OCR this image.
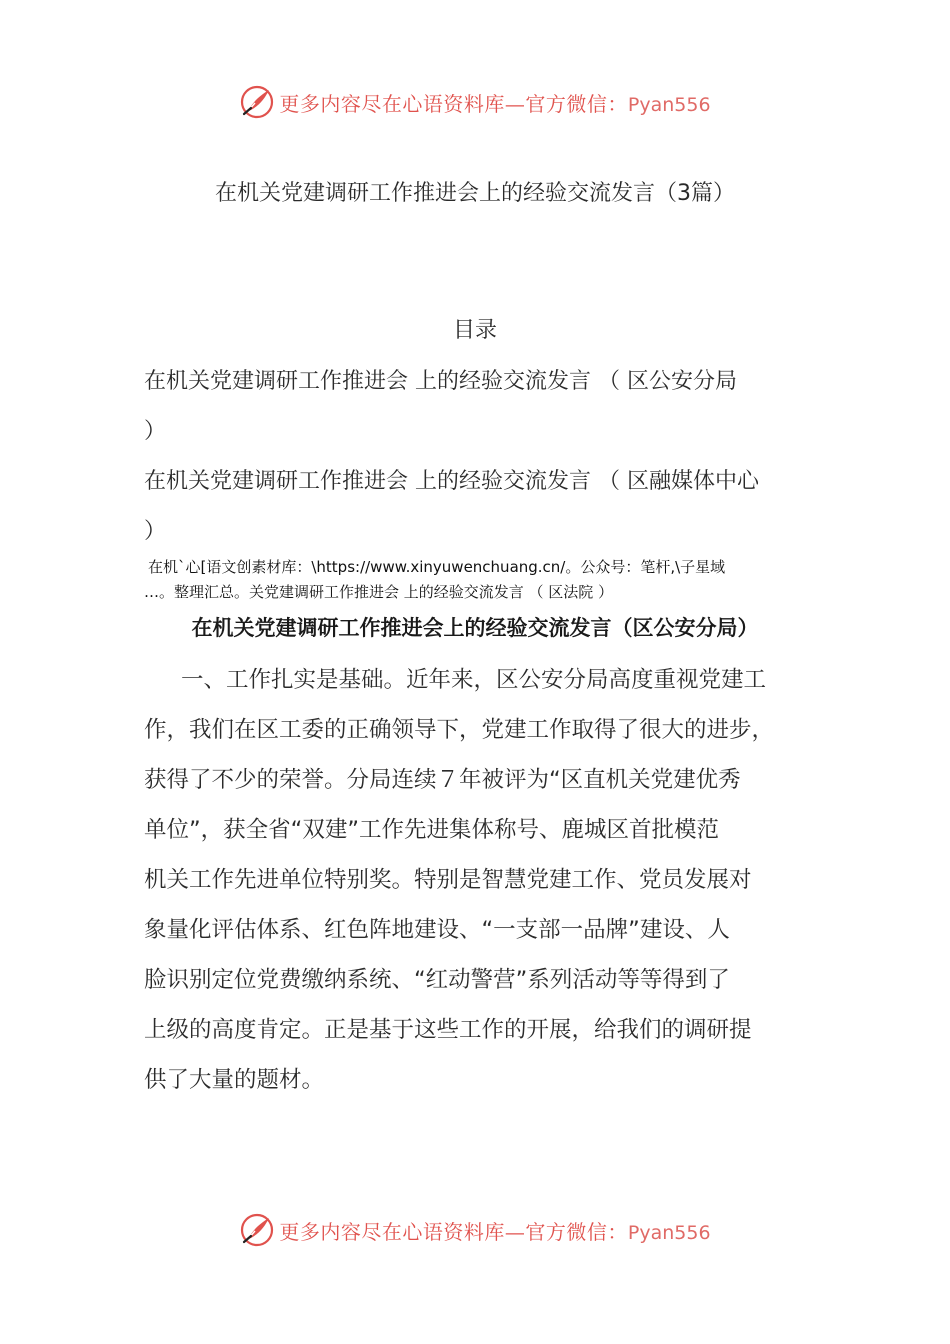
更多内容尽在心语资料库—官方微信：Pyan556
在机关党建调研工作推进会上的经验交流发言（3篇）
目录
在机关党建调研工作推进会 上的经验交流发言 （ 区公安分局
）
在机关党建调研工作推进会 上的经验交流发言 （ 区融媒体中心
）
在机`心[语文创素材库：\https://www.xinyuwenchuang.cn/。公众号：笔杆,\子星域
…。整理汇总。关党建调研工作推进会 上的经验交流发言 （ 区法院 ）
在机关党建调研工作推进会上的经验交流发言（区公安分局）
一、工作扎实是基础。近年来，区公安分局高度重视党建工
作，我们在区工委的正确领导下，党建工作取得了很大的进步，
获得了不少的荣誉。分局连续７年被评为“区直机关党建优秀
单位”，获全省“双建”工作先进集体称号、鹿城区首批模范
机关工作先进单位特别奖。特别是智慧党建工作、党员发展对
象量化评估体系、红色阵地建设、“一支部一品牌”建设、人
脸识别定位党费缴纳系统、“红动警营”系列活动等等得到了
上级的高度肯定。正是基于这些工作的开展，给我们的调研提
供了大量的题材。
更多内容尽在心语资料库—官方微信：Pyan556
